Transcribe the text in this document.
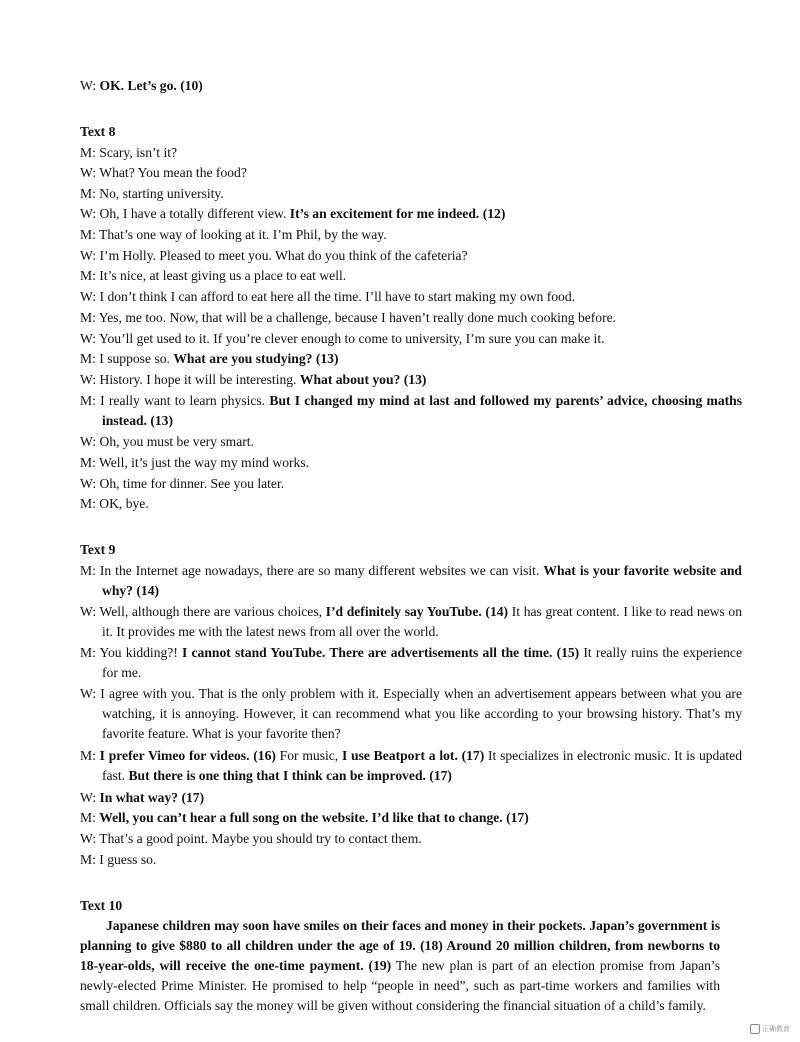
W: OK. Let’s go. (10)
Text 8
M: Scary, isn’t it?
W: What? You mean the food?
M: No, starting university.
W: Oh, I have a totally different view. It’s an excitement for me indeed. (12)
M: That’s one way of looking at it. I’m Phil, by the way.
W: I’m Holly. Pleased to meet you. What do you think of the cafeteria?
M: It’s nice, at least giving us a place to eat well.
W: I don’t think I can afford to eat here all the time. I’ll have to start making my own food.
M: Yes, me too. Now, that will be a challenge, because I haven’t really done much cooking before.
W: You’ll get used to it. If you’re clever enough to come to university, I’m sure you can make it.
M: I suppose so. What are you studying? (13)
W: History. I hope it will be interesting. What about you? (13)
M: I really want to learn physics. But I changed my mind at last and followed my parents’ advice, choosing maths instead. (13)
W: Oh, you must be very smart.
M: Well, it’s just the way my mind works.
W: Oh, time for dinner. See you later.
M: OK, bye.
Text 9
M: In the Internet age nowadays, there are so many different websites we can visit. What is your favorite website and why? (14)
W: Well, although there are various choices, I’d definitely say YouTube. (14) It has great content. I like to read news on it. It provides me with the latest news from all over the world.
M: You kidding?! I cannot stand YouTube. There are advertisements all the time. (15) It really ruins the experience for me.
W: I agree with you. That is the only problem with it. Especially when an advertisement appears between what you are watching, it is annoying. However, it can recommend what you like according to your browsing history. That’s my favorite feature. What is your favorite then?
M: I prefer Vimeo for videos. (16) For music, I use Beatport a lot. (17) It specializes in electronic music. It is updated fast. But there is one thing that I think can be improved. (17)
W: In what way? (17)
M: Well, you can’t hear a full song on the website. I’d like that to change. (17)
W: That’s a good point. Maybe you should try to contact them.
M: I guess so.
Text 10
Japanese children may soon have smiles on their faces and money in their pockets. Japan’s government is planning to give $880 to all children under the age of 19. (18) Around 20 million children, from newborns to 18-year-olds, will receive the one-time payment. (19) The new plan is part of an election promise from Japan’s newly-elected Prime Minister. He promised to help “people in need”, such as part-time workers and families with small children. Officials say the money will be given without considering the financial situation of a child’s family.
正确教育
